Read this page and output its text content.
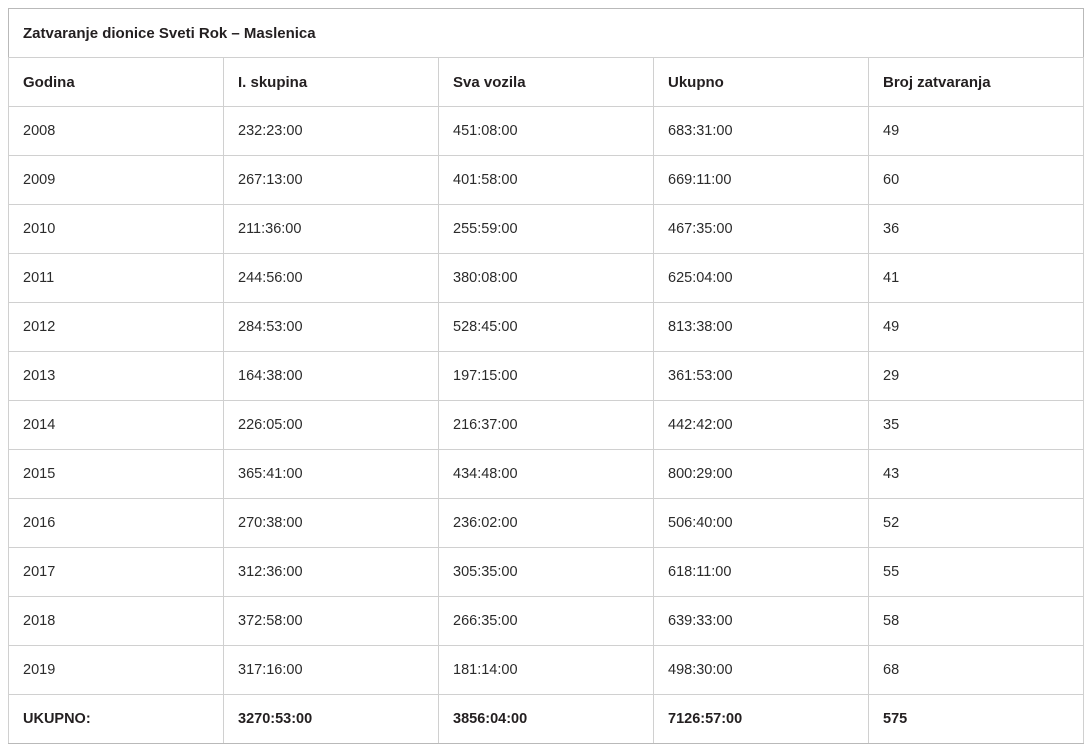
Zatvaranje dionice Sveti Rok – Maslenica				
Godina	I. skupina	Sva vozila	Ukupno	Broj zatvaranja
2008	232:23:00	451:08:00	683:31:00	49
2009	267:13:00	401:58:00	669:11:00	60
2010	211:36:00	255:59:00	467:35:00	36
2011	244:56:00	380:08:00	625:04:00	41
2012	284:53:00	528:45:00	813:38:00	49
2013	164:38:00	197:15:00	361:53:00	29
2014	226:05:00	216:37:00	442:42:00	35
2015	365:41:00	434:48:00	800:29:00	43
2016	270:38:00	236:02:00	506:40:00	52
2017	312:36:00	305:35:00	618:11:00	55
2018	372:58:00	266:35:00	639:33:00	58
2019	317:16:00	181:14:00	498:30:00	68
UKUPNO:	3270:53:00	3856:04:00	7126:57:00	575
